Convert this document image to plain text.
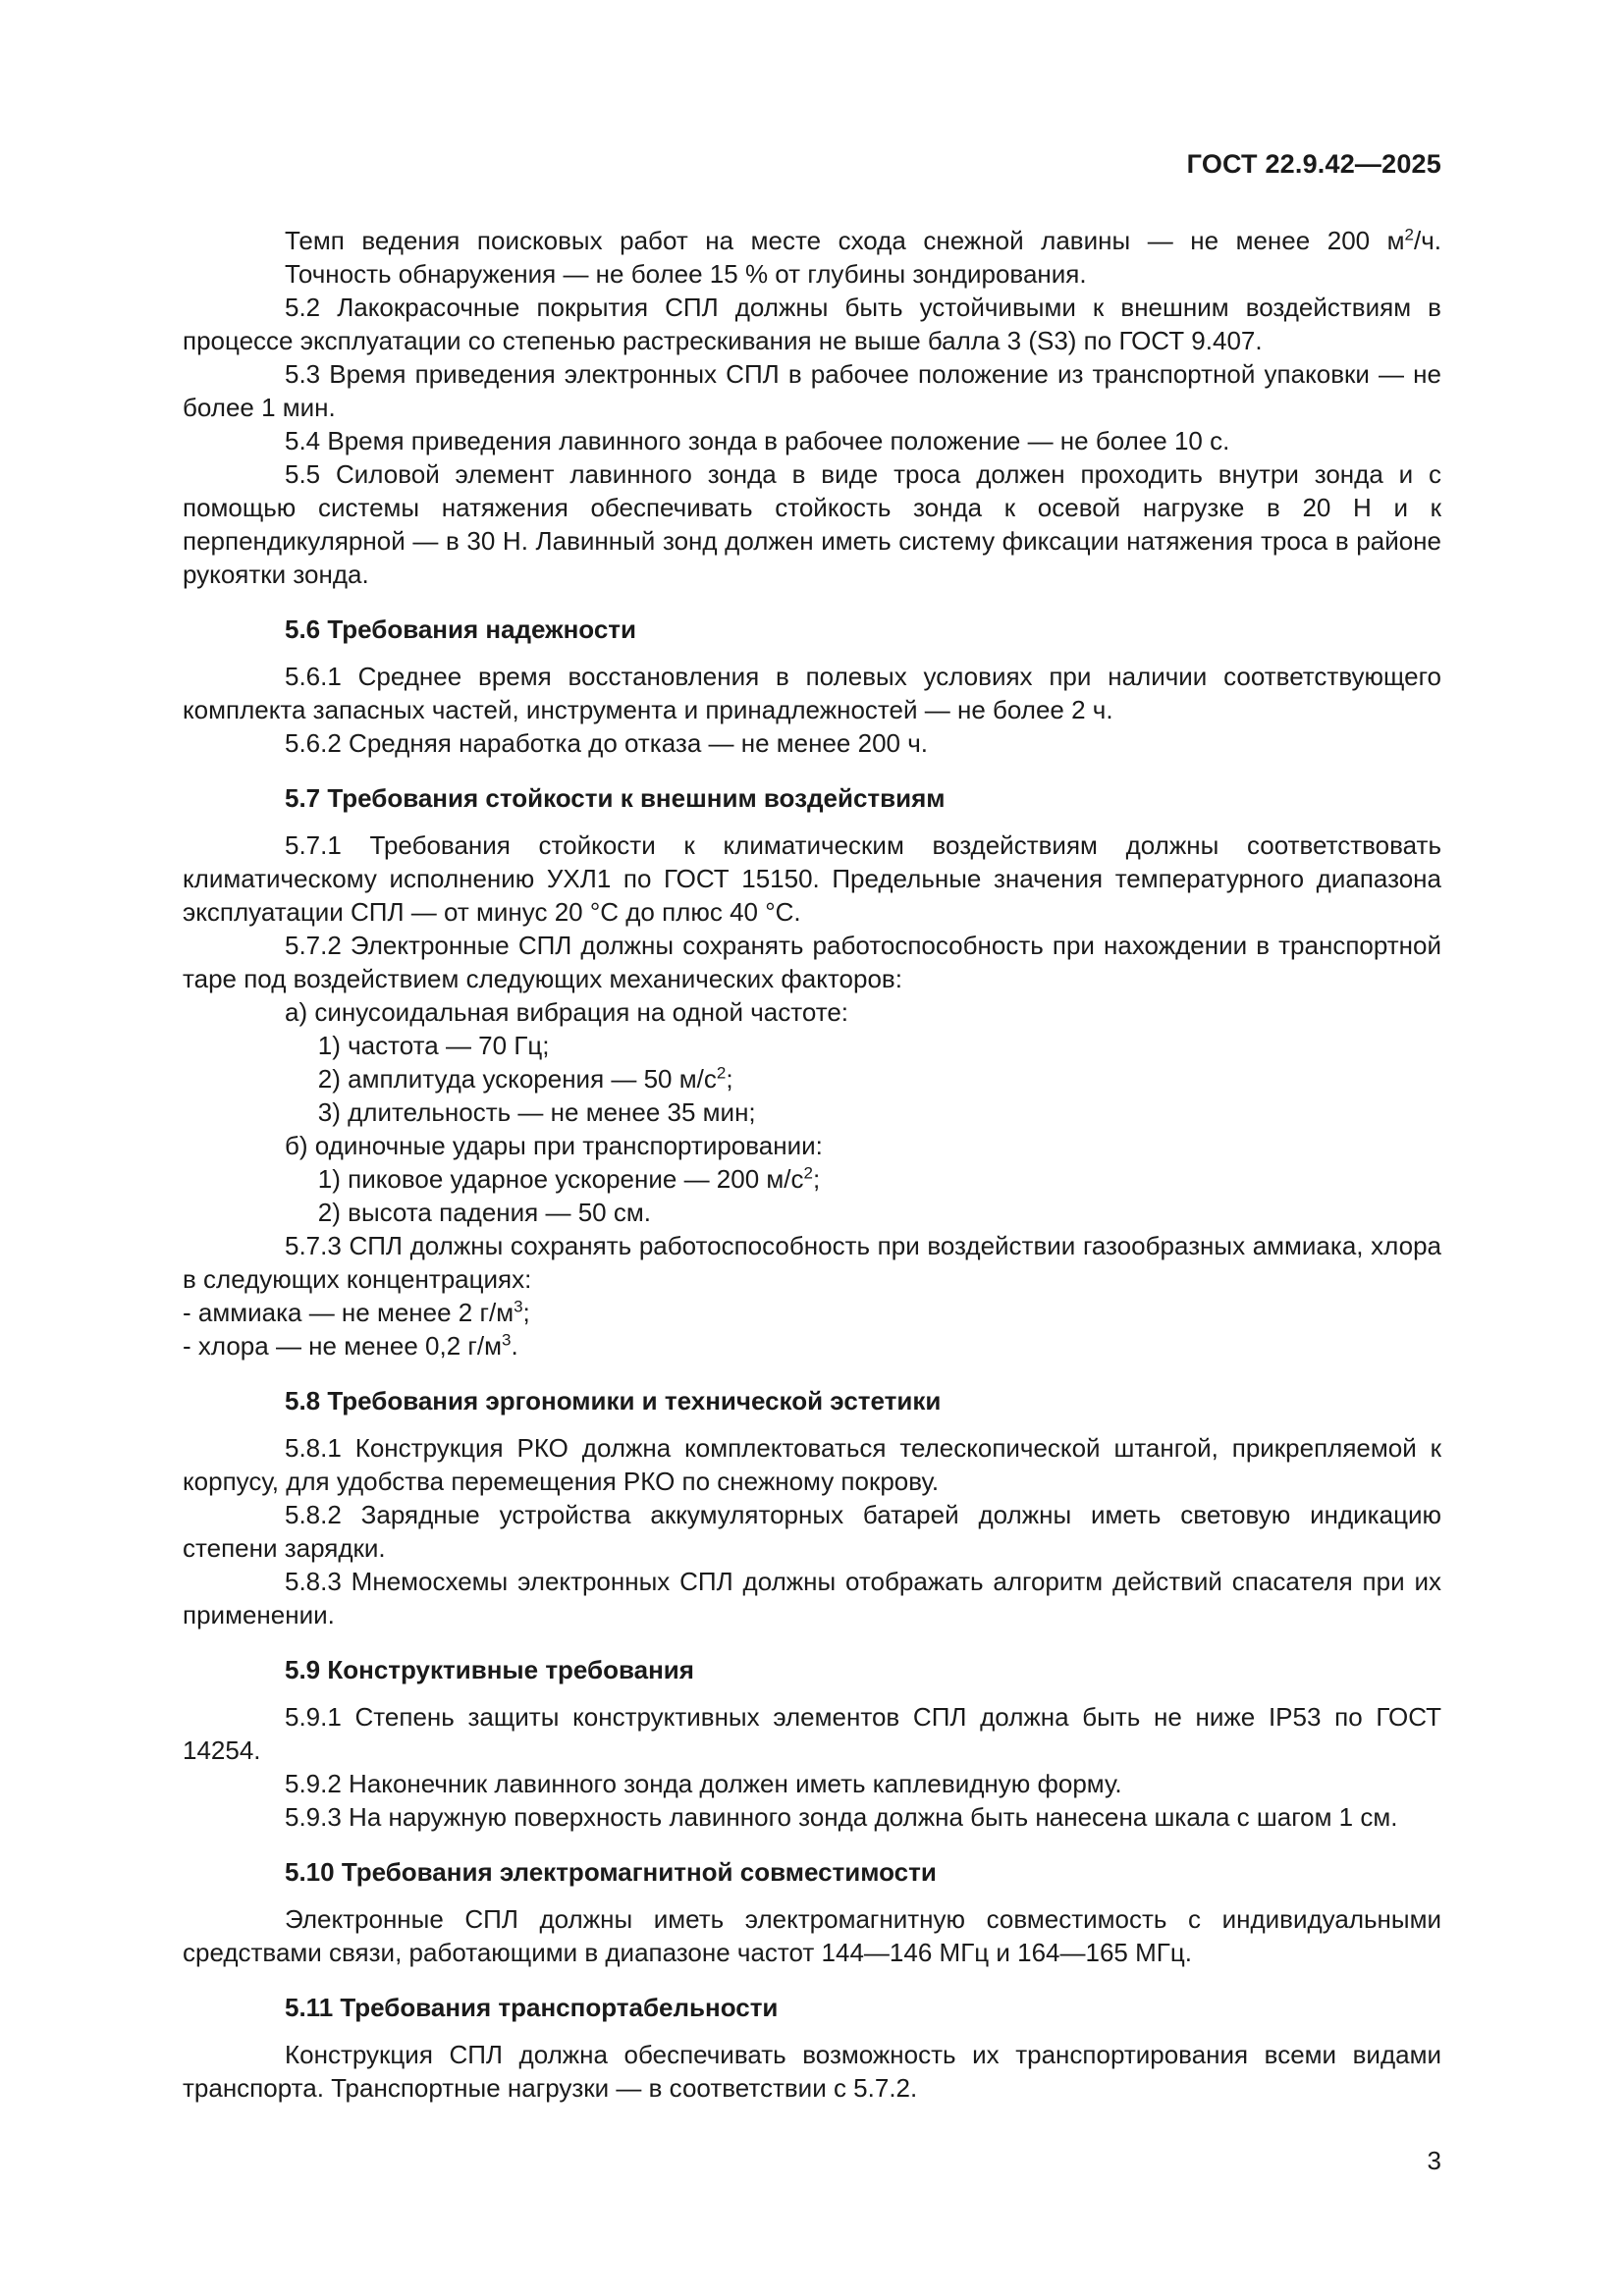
ГОСТ 22.9.42—2025

Темп ведения поисковых работ на месте схода снежной лавины — не менее 200 $м^2/ч$.

Точность обнаружения — не более 15 % от глубины зондирования.

5.2 Лакокрасочные покрытия СПЛ должны быть устойчивыми к внешним воздействиям в процессе эксплуатации со степенью растрескивания не выше балла 3 (S3) по ГОСТ 9.407.

5.3 Время приведения электронных СПЛ в рабочее положение из транспортной упаковки — не более 1 мин.

5.4 Время приведения лавинного зонда в рабочее положение — не более 10 с.

5.5 Силовой элемент лавинного зонда в виде троса должен проходить внутри зонда и с помощью системы натяжения обеспечивать стойкость зонда к осевой нагрузке в 20 Н и к перпендикулярной — в 30 Н. Лавинный зонд должен иметь систему фиксации натяжения троса в районе рукоятки зонда.

5.6 Требования надежности

5.6.1 Среднее время восстановления в полевых условиях при наличии соответствующего комплекта запасных частей, инструмента и принадлежностей — не более 2 ч.

5.6.2 Средняя наработка до отказа — не менее 200 ч.

5.7 Требования стойкости к внешним воздействиям

5.7.1 Требования стойкости к климатическим воздействиям должны соответствовать климатическому исполнению УХЛ1 по ГОСТ 15150. Предельные значения температурного диапазона эксплуатации СПЛ — от минус 20 °С до плюс 40 °С.

5.7.2 Электронные СПЛ должны сохранять работоспособность при нахождении в транспортной таре под воздействием следующих механических факторов:

а) синусоидальная вибрация на одной частоте:

1) частота — 70 Гц;

2) амплитуда ускорения — 50 $м/с^2$;

3) длительность — не менее 35 мин;

б) одиночные удары при транспортировании:

1) пиковое ударное ускорение — 200 $м/с^2$;

2) высота падения — 50 см.

5.7.3 СПЛ должны сохранять работоспособность при воздействии газообразных аммиака, хлора в следующих концентрациях:

- аммиака — не менее 2 $г/м^3$;

- хлора — не менее 0,2 $г/м^3$.

5.8 Требования эргономики и технической эстетики

5.8.1 Конструкция РКО должна комплектоваться телескопической штангой, прикрепляемой к корпусу, для удобства перемещения РКО по снежному покрову.

5.8.2 Зарядные устройства аккумуляторных батарей должны иметь световую индикацию степени зарядки.

5.8.3 Мнемосхемы электронных СПЛ должны отображать алгоритм действий спасателя при их применении.

5.9 Конструктивные требования

5.9.1 Степень защиты конструктивных элементов СПЛ должна быть не ниже IP53 по ГОСТ 14254.

5.9.2 Наконечник лавинного зонда должен иметь каплевидную форму.

5.9.3 На наружную поверхность лавинного зонда должна быть нанесена шкала с шагом 1 см.

5.10 Требования электромагнитной совместимости

Электронные СПЛ должны иметь электромагнитную совместимость с индивидуальными средствами связи, работающими в диапазоне частот 144—146 МГц и 164—165 МГц.

5.11 Требования транспортабельности

Конструкция СПЛ должна обеспечивать возможность их транспортирования всеми видами транспорта. Транспортные нагрузки — в соответствии с 5.7.2.

3
